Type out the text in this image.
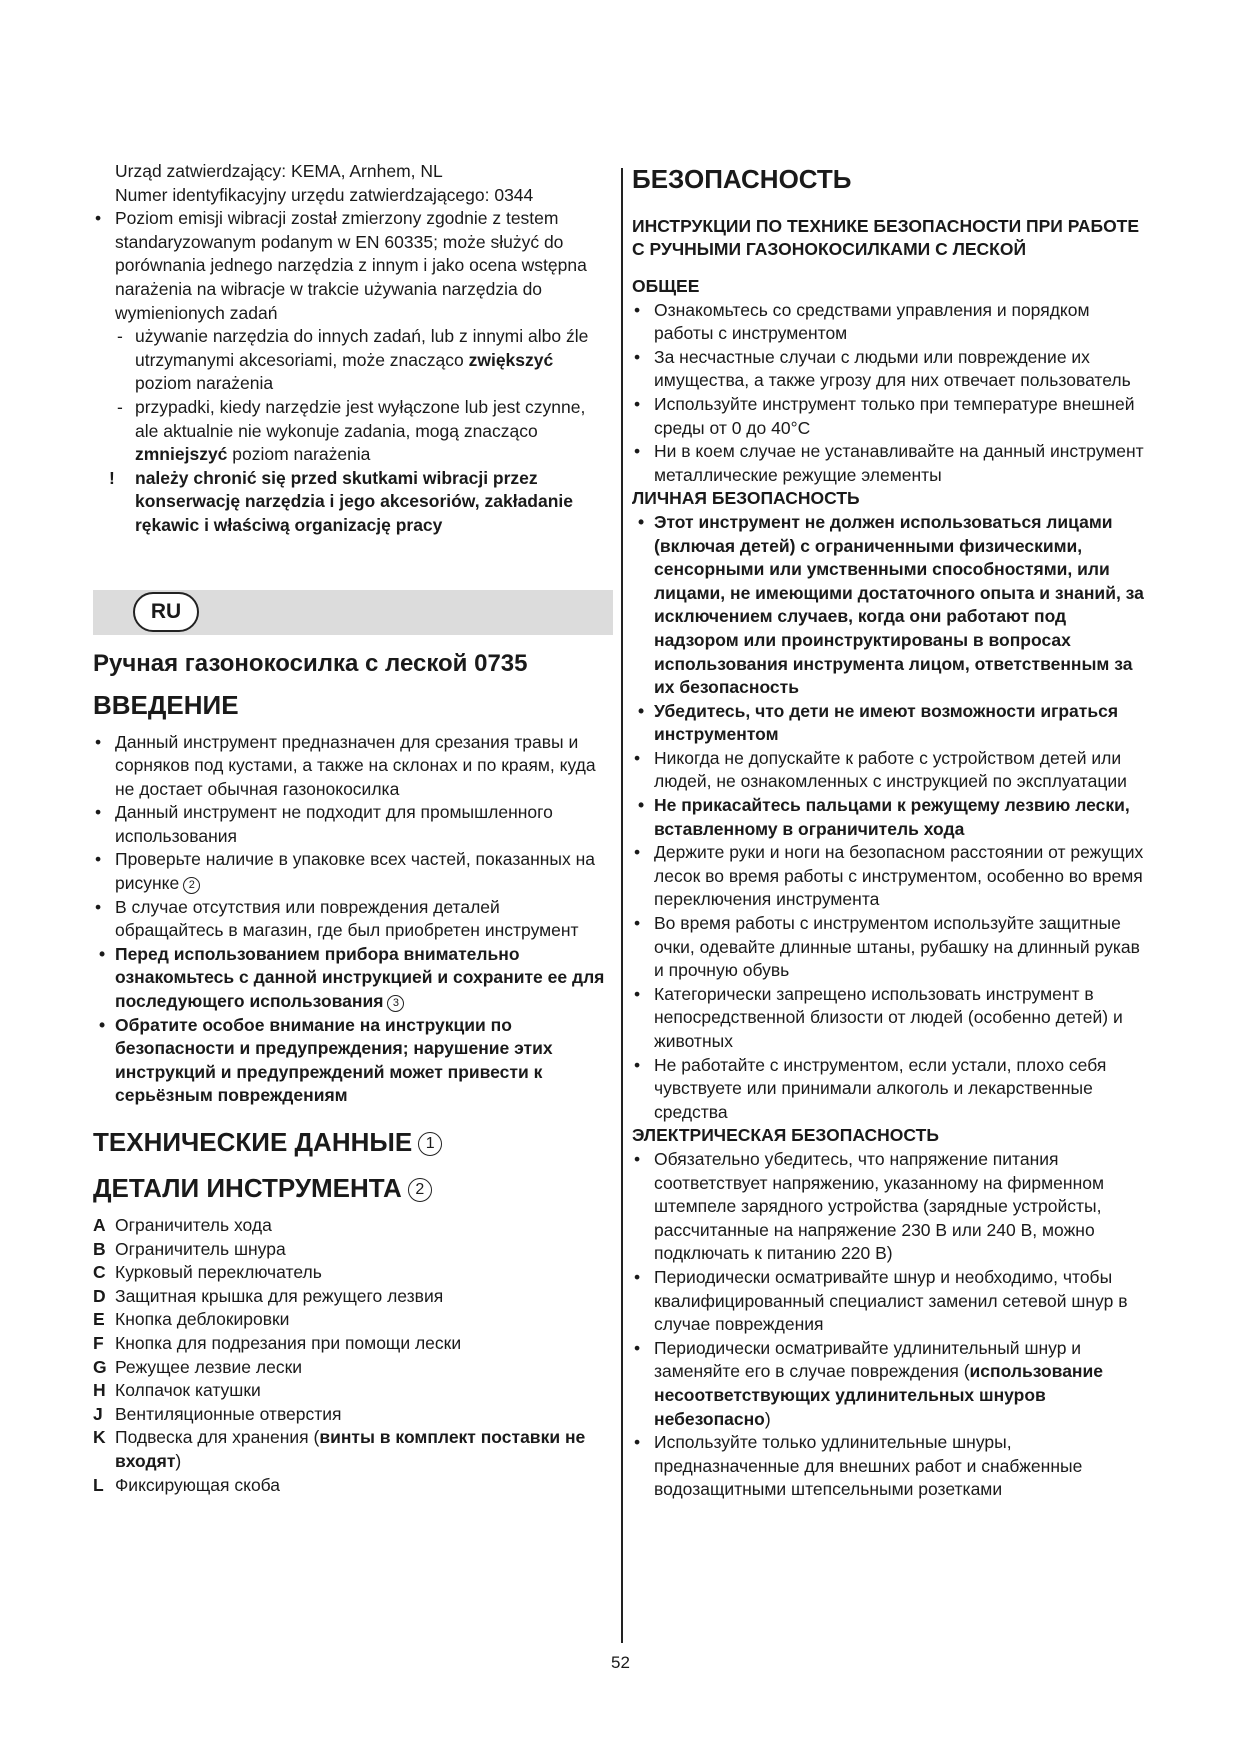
Urząd zatwierdzający: KEMA, Arnhem, NL
Numer identyfikacyjny urzędu zatwierdzającego: 0344
• Poziom emisji wibracji został zmierzony zgodnie z testem standaryzowanym podanym w EN 60335; może służyć do porównania jednego narzędzia z innym i jako ocena wstępna narażenia na wibracje w trakcie używania narzędzia do wymienionych zadań
- używanie narzędzia do innych zadań, lub z innymi albo źle utrzymanymi akcesoriami, może znacząco zwiększyć poziom narażenia
- przypadki, kiedy narzędzie jest wyłączone lub jest czynne, ale aktualnie nie wykonuje zadania, mogą znacząco zmniejszyć poziom narażenia
! należy chronić się przed skutkami wibracji przez konserwację narzędzia i jego akcesoriów, zakładanie rękawic i właściwą organizację pracy
RU
Ручная газонокосилка с леской 0735
ВВЕДЕНИЕ
• Данный инструмент предназначен для срезания травы и сорняков под кустами, а также на склонах и по краям, куда не достает обычная газонокосилка
• Данный инструмент не подходит для промышленного использования
• Проверьте наличие в упаковке всех частей, показанных на рисунке 2
• В случае отсутствия или повреждения деталей обращайтесь в магазин, где был приобретен инструмент
• Перед использованием прибора внимательно ознакомьтесь с данной инструкцией и сохраните ее для последующего использования 3
• Обратите особое внимание на инструкции по безопасности и предупреждения; нарушение этих инструкций и предупреждений может привести к серьёзным повреждениям
ТЕХНИЧЕСКИЕ ДАННЫЕ 1
ДЕТАЛИ ИНСТРУМЕНТА 2
A Ограничитель хода
B Ограничитель шнура
C Курковый переключатель
D Защитная крышка для режущего лезвия
E Кнопка деблокировки
F Кнопка для подрезания при помощи лески
G Режущее лезвие лески
H Колпачок катушки
J Вентиляционные отверстия
K Подвеска для хранения (винты в комплект поставки не входят)
L Фиксирующая скоба
БЕЗОПАСНОСТЬ
ИНСТРУКЦИИ ПО ТЕХНИКЕ БЕЗОПАСНОСТИ ПРИ РАБОТЕ С РУЧНЫМИ ГАЗОНОКОСИЛКАМИ С ЛЕСКОЙ
ОБЩЕЕ
• Ознакомьтесь со средствами управления и порядком работы с инструментом
• За несчастные случаи с людьми или повреждение их имущества, а также угрозу для них отвечает пользователь
• Используйте инструмент только при температуре внешней среды от 0 до 40°C
• Ни в коем случае не устанавливайте на данный инструмент металлические режущие элементы
ЛИЧНАЯ БЕЗОПАСНОСТЬ
• Этот инструмент не должен использоваться лицами (включая детей) с ограниченными физическими, сенсорными или умственными способностями, или лицами, не имеющими достаточного опыта и знаний, за исключением случаев, когда они работают под надзором или проинструктированы в вопросах использования инструмента лицом, ответственным за их безопасность
• Убедитесь, что дети не имеют возможности играться инструментом
• Никогда не допускайте к работе с устройством детей или людей, не ознакомленных с инструкцией по эксплуатации
• Не прикасайтесь пальцами к режущему лезвию лески, вставленному в ограничитель хода
• Держите руки и ноги на безопасном расстоянии от режущих лесок во время работы с инструментом, особенно во время переключения инструмента
• Во время работы с инструментом используйте защитные очки, одевайте длинные штаны, рубашку на длинный рукав и прочную обувь
• Категорически запрещено использовать инструмент в непосредственной близости от людей (особенно детей) и животных
• Не работайте с инструментом, если устали, плохо себя чувствуете или принимали алкоголь и лекарственные средства
ЭЛЕКТРИЧЕСКАЯ БЕЗОПАСНОСТЬ
• Обязательно убедитесь, что напряжение питания соответствует напряжению, указанному на фирменном штемпеле зарядного устройства (зарядные устройсты, рассчитанные на напряжение 230 В или 240 В, можно подключать к питанию 220 В)
• Периодически осматривайте шнур и необходимо, чтобы квалифицированный специалист заменил сетевой шнур в случае повреждения
• Периодически осматривайте удлинительный шнур и заменяйте его в случае повреждения (использование несоответствующих удлинительных шнуров небезопасно)
• Используйте только удлинительные шнуры, предназначенные для внешних работ и снабженные водозащитными штепсельными розетками
52
